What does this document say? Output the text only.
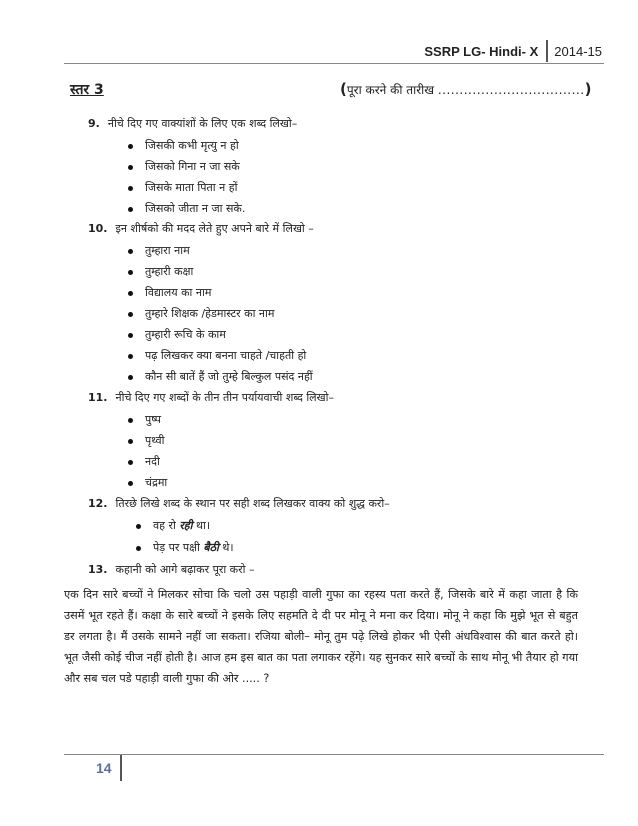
SSRP LG- Hindi- X	2014-15
स्तर 3	(पूरा करने की तारीख ..................................)
9. नीचे दिए गए वाक्यांशों के लिए एक शब्द लिखो–
जिसकी कभी मृत्यु न हो
जिसको गिना न जा सके
जिसके माता पिता न हों
जिसको जीता न जा सके.
10. इन शीर्षको की मदद लेते हुए अपने बारे में लिखो –
तुम्हारा नाम
तुम्हारी कक्षा
विद्यालय का नाम
तुम्हारे शिक्षक /हेडमास्टर का नाम
तुम्हारी रूचि के काम
पढ़ लिखकर क्या बनना चाहते /चाहती हो
कौन सी बातें हैं जो तुम्हे बिल्कुल पसंद नहीं
11. नीचे दिए गए शब्दों के तीन तीन पर्यायवाची शब्द लिखो–
पुष्प
पृथ्वी
नदी
चंद्रमा
12. तिरछे लिखे शब्द के स्थान पर सही शब्द लिखकर वाक्य को शुद्ध करो–
वह रो रही था।
पेड़ पर पक्षी बैठी थे।
13. कहानी को आगे बढ़ाकर पूरा करो –
एक दिन सारे बच्चों ने मिलकर सोचा कि चलो उस पहाड़ी वाली गुफा का रहस्य पता करते हैं, जिसके बारे में कहा जाता है कि उसमें भूत रहते हैं। कक्षा के सारे बच्चों ने इसके लिए सहमति दे दी पर मोनू ने मना कर दिया। मोनू ने कहा कि मुझे भूत से बहुत डर लगता है। मैं उसके सामने नहीं जा सकता। रजिया बोली– मोनू तुम पढ़े लिखे होकर भी ऐसी अंधविश्वास की बात करते हो। भूत जैसी कोई चीज नहीं होती है। आज हम इस बात का पता लगाकर रहेंगे। यह सुनकर सारे बच्चों के साथ मोनू भी तैयार हो गया और सब चल पडे पहाड़ी वाली गुफा की ओर ..... ?
14
